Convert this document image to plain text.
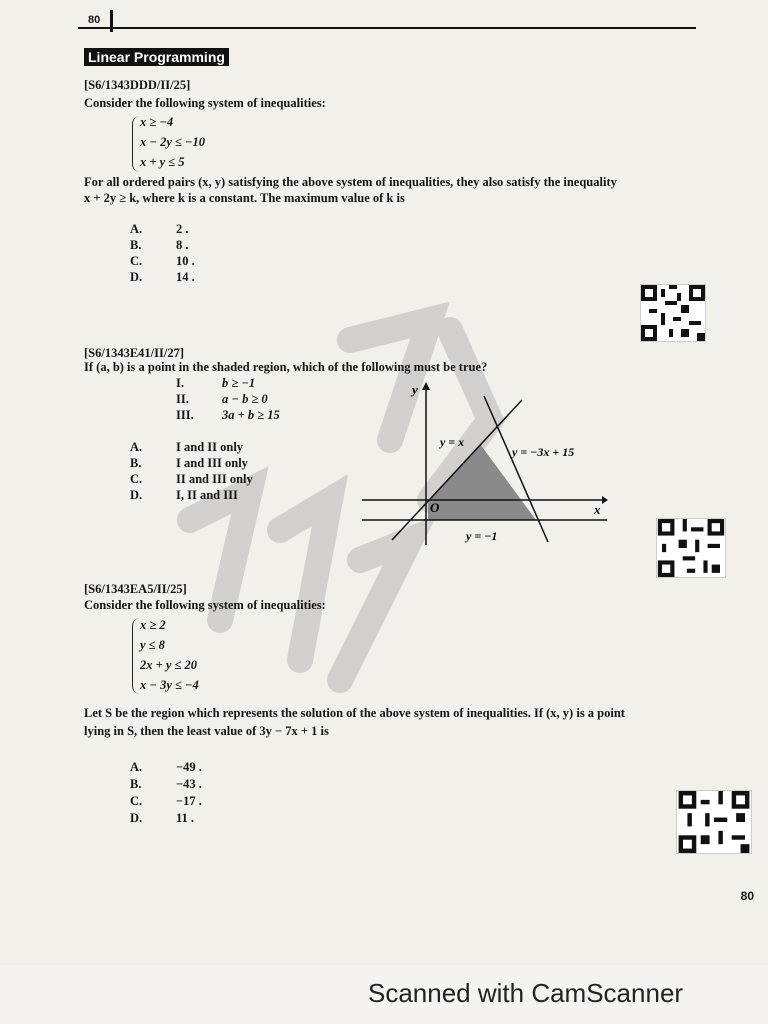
80
Linear Programming
[S6/1343DDD/II/25]
Consider the following system of inequalities:
x ≥ −4
x − 2y ≤ −10
x + y ≤ 5
For all ordered pairs (x, y) satisfying the above system of inequalities, they also satisfy the inequality
x + 2y ≥ k, where k is a constant. The maximum value of k is
A.	2 .
B.	8 .
C.	10 .
D.	14 .
[S6/1343E41/II/27]
If (a, b) is a point in the shaded region, which of the following must be true?
I.	b ≥ −1
II.	a − b ≥ 0
III. 3a + b ≥ 15
A.	I and II only
B.	I and III only
C.	II and III only
D.	I, II and III
y
x
O
y = x
y = −3x + 15
y = −1
[S6/1343EA5/II/25]
Consider the following system of inequalities:
x ≥ 2
y ≤ 8
2x + y ≤ 20
x − 3y ≤ −4
Let S be the region which represents the solution of the above system of inequalities. If (x, y) is a point
lying in S, then the least value of 3y − 7x + 1 is
A.	−49 .
B.	−43 .
C.	−17 .
D.	11 .
80
Scanned with CamScanner
